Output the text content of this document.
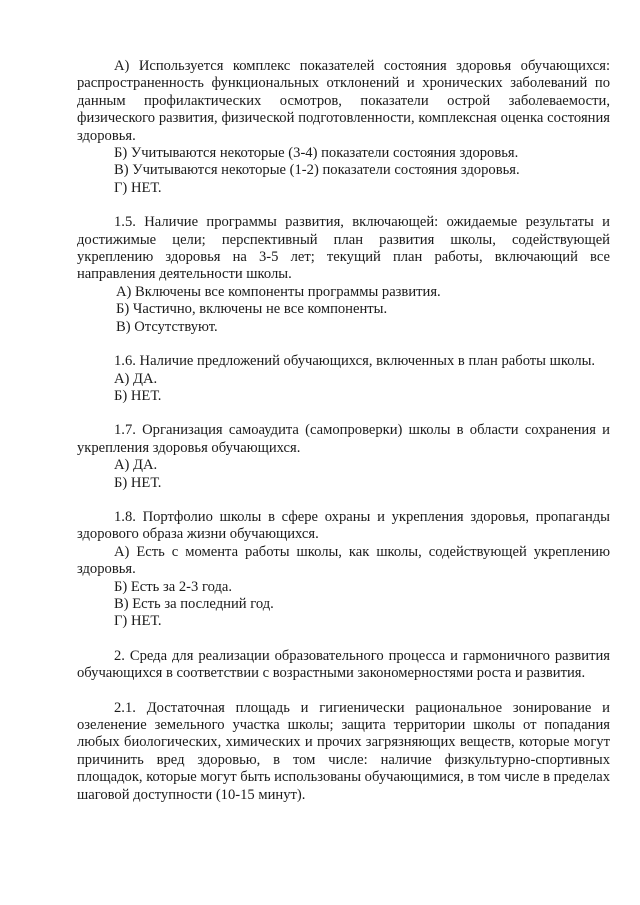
А) Используется комплекс показателей состояния здоровья обучающихся: распространенность функциональных отклонений и хронических заболеваний по данным профилактических осмотров, показатели острой заболеваемости, физического развития, физической подготовленности, комплексная оценка состояния здоровья.

Б) Учитываются некоторые (3-4) показатели состояния здоровья.

В) Учитываются некоторые (1-2) показатели состояния здоровья.

Г) НЕТ.

1.5. Наличие программы развития, включающей: ожидаемые результаты и достижимые цели; перспективный план развития школы, содействующей укреплению здоровья на 3-5 лет; текущий план работы, включающий все направления деятельности школы.

А) Включены все компоненты программы развития.

Б) Частично, включены не все компоненты.

В) Отсутствуют.

1.6. Наличие предложений обучающихся, включенных в план работы школы.

А) ДА.

Б) НЕТ.

1.7. Организация самоаудита (самопроверки) школы в области сохранения и укрепления здоровья обучающихся.

А) ДА.

Б) НЕТ.

1.8. Портфолио школы в сфере охраны и укрепления здоровья, пропаганды здорового образа жизни обучающихся.

А) Есть с момента работы школы, как школы, содействующей укреплению здоровья.

Б) Есть за 2-3 года.

В) Есть за последний год.

Г) НЕТ.

2. Среда для реализации образовательного процесса и гармоничного развития обучающихся в соответствии с возрастными закономерностями роста и развития.

2.1. Достаточная площадь и гигиенически рациональное зонирование и озеленение земельного участка школы; защита территории школы от попадания любых биологических, химических и прочих загрязняющих веществ, которые могут причинить вред здоровью, в том числе: наличие физкультурно-спортивных площадок, которые могут быть использованы обучающимися, в том числе в пределах шаговой доступности (10-15 минут).
